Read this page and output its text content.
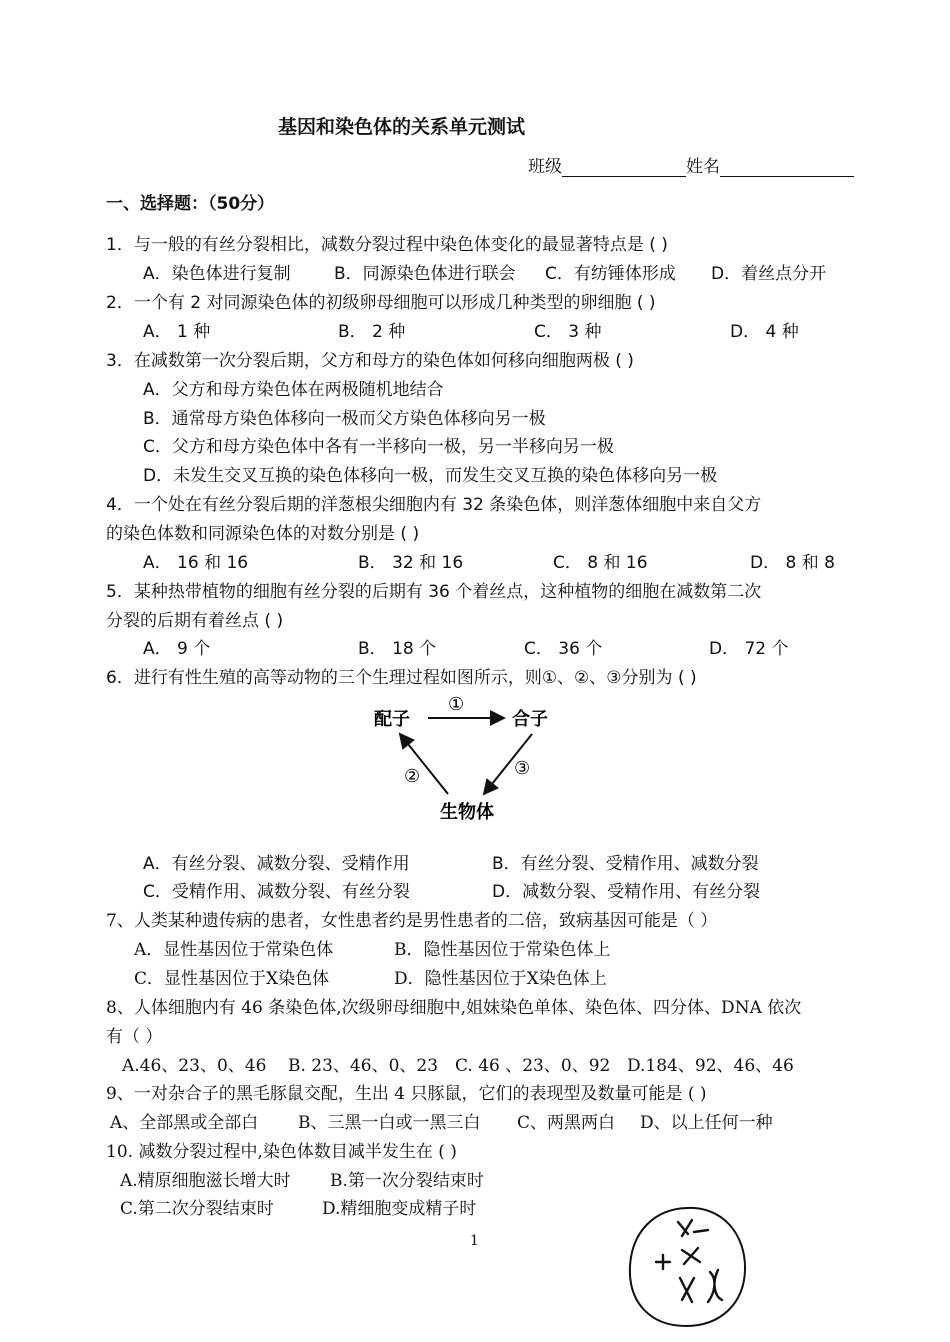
基因和染色体的关系单元测试
班级	姓名
一、选择题：（50分）
1．与一般的有丝分裂相比，减数分裂过程中染色体变化的最显著特点是 ( )
A．染色体进行复制	B．同源染色体进行联会 C．有纺锤体形成 D．着丝点分开
2．一个有 2 对同源染色体的初级卵母细胞可以形成几种类型的卵细胞 ( )
A． 1 种	B． 2 种	C． 3 种	D． 4 种
3．在减数第一次分裂后期，父方和母方的染色体如何移向细胞两极 ( )
A．父方和母方染色体在两极随机地结合
B．通常母方染色体移向一极而父方染色体移向另一极
C．父方和母方染色体中各有一半移向一极，另一半移向另一极
D．未发生交叉互换的染色体移向一极，而发生交叉互换的染色体移向另一极
4．一个处在有丝分裂后期的洋葱根尖细胞内有 32 条染色体，则洋葱体细胞中来自父方
的染色体数和同源染色体的对数分别是 ( )
A． 16 和 16	B． 32 和 16	C． 8 和 16	D． 8 和 8
5．某种热带植物的细胞有丝分裂的后期有 36 个着丝点，这种植物的细胞在减数第二次
分裂的后期有着丝点 ( )
A． 9 个	B． 18 个	C． 36 个	D． 72 个
6．进行有性生殖的高等动物的三个生理过程如图所示，则①、②、③分别为 ( )
配子	合子
生物体
①
②	③
A．有丝分裂、减数分裂、受精作用	B．有丝分裂、受精作用、减数分裂
C．受精作用、减数分裂、有丝分裂	D．减数分裂、受精作用、有丝分裂
7、人类某种遗传病的患者，女性患者约是男性患者的二倍，致病基因可能是（ ）
A．显性基因位于常染色体	B．隐性基因位于常染色体上
C．显性基因位于X染色体	D．隐性基因位于X染色体上
8、人体细胞内有 46 条染色体,次级卵母细胞中,姐妹染色单体、染色体、四分体、DNA 依次
有（ ）
A.46、23、0、46 B. 23、46、0、23 C. 46 、23、0、92 D.184、92、46、46
9、一对杂合子的黑毛豚鼠交配，生出 4 只豚鼠，它们的表现型及数量可能是 ( )
A、全部黑或全部白 B、三黑一白或一黑三白 C、两黑两白 D、以上任何一种
10. 减数分裂过程中,染色体数目减半发生在 ( )
A.精原细胞滋长增大时 B.第一次分裂结束时
C.第二次分裂结束时	D.精细胞变成精子时
1
